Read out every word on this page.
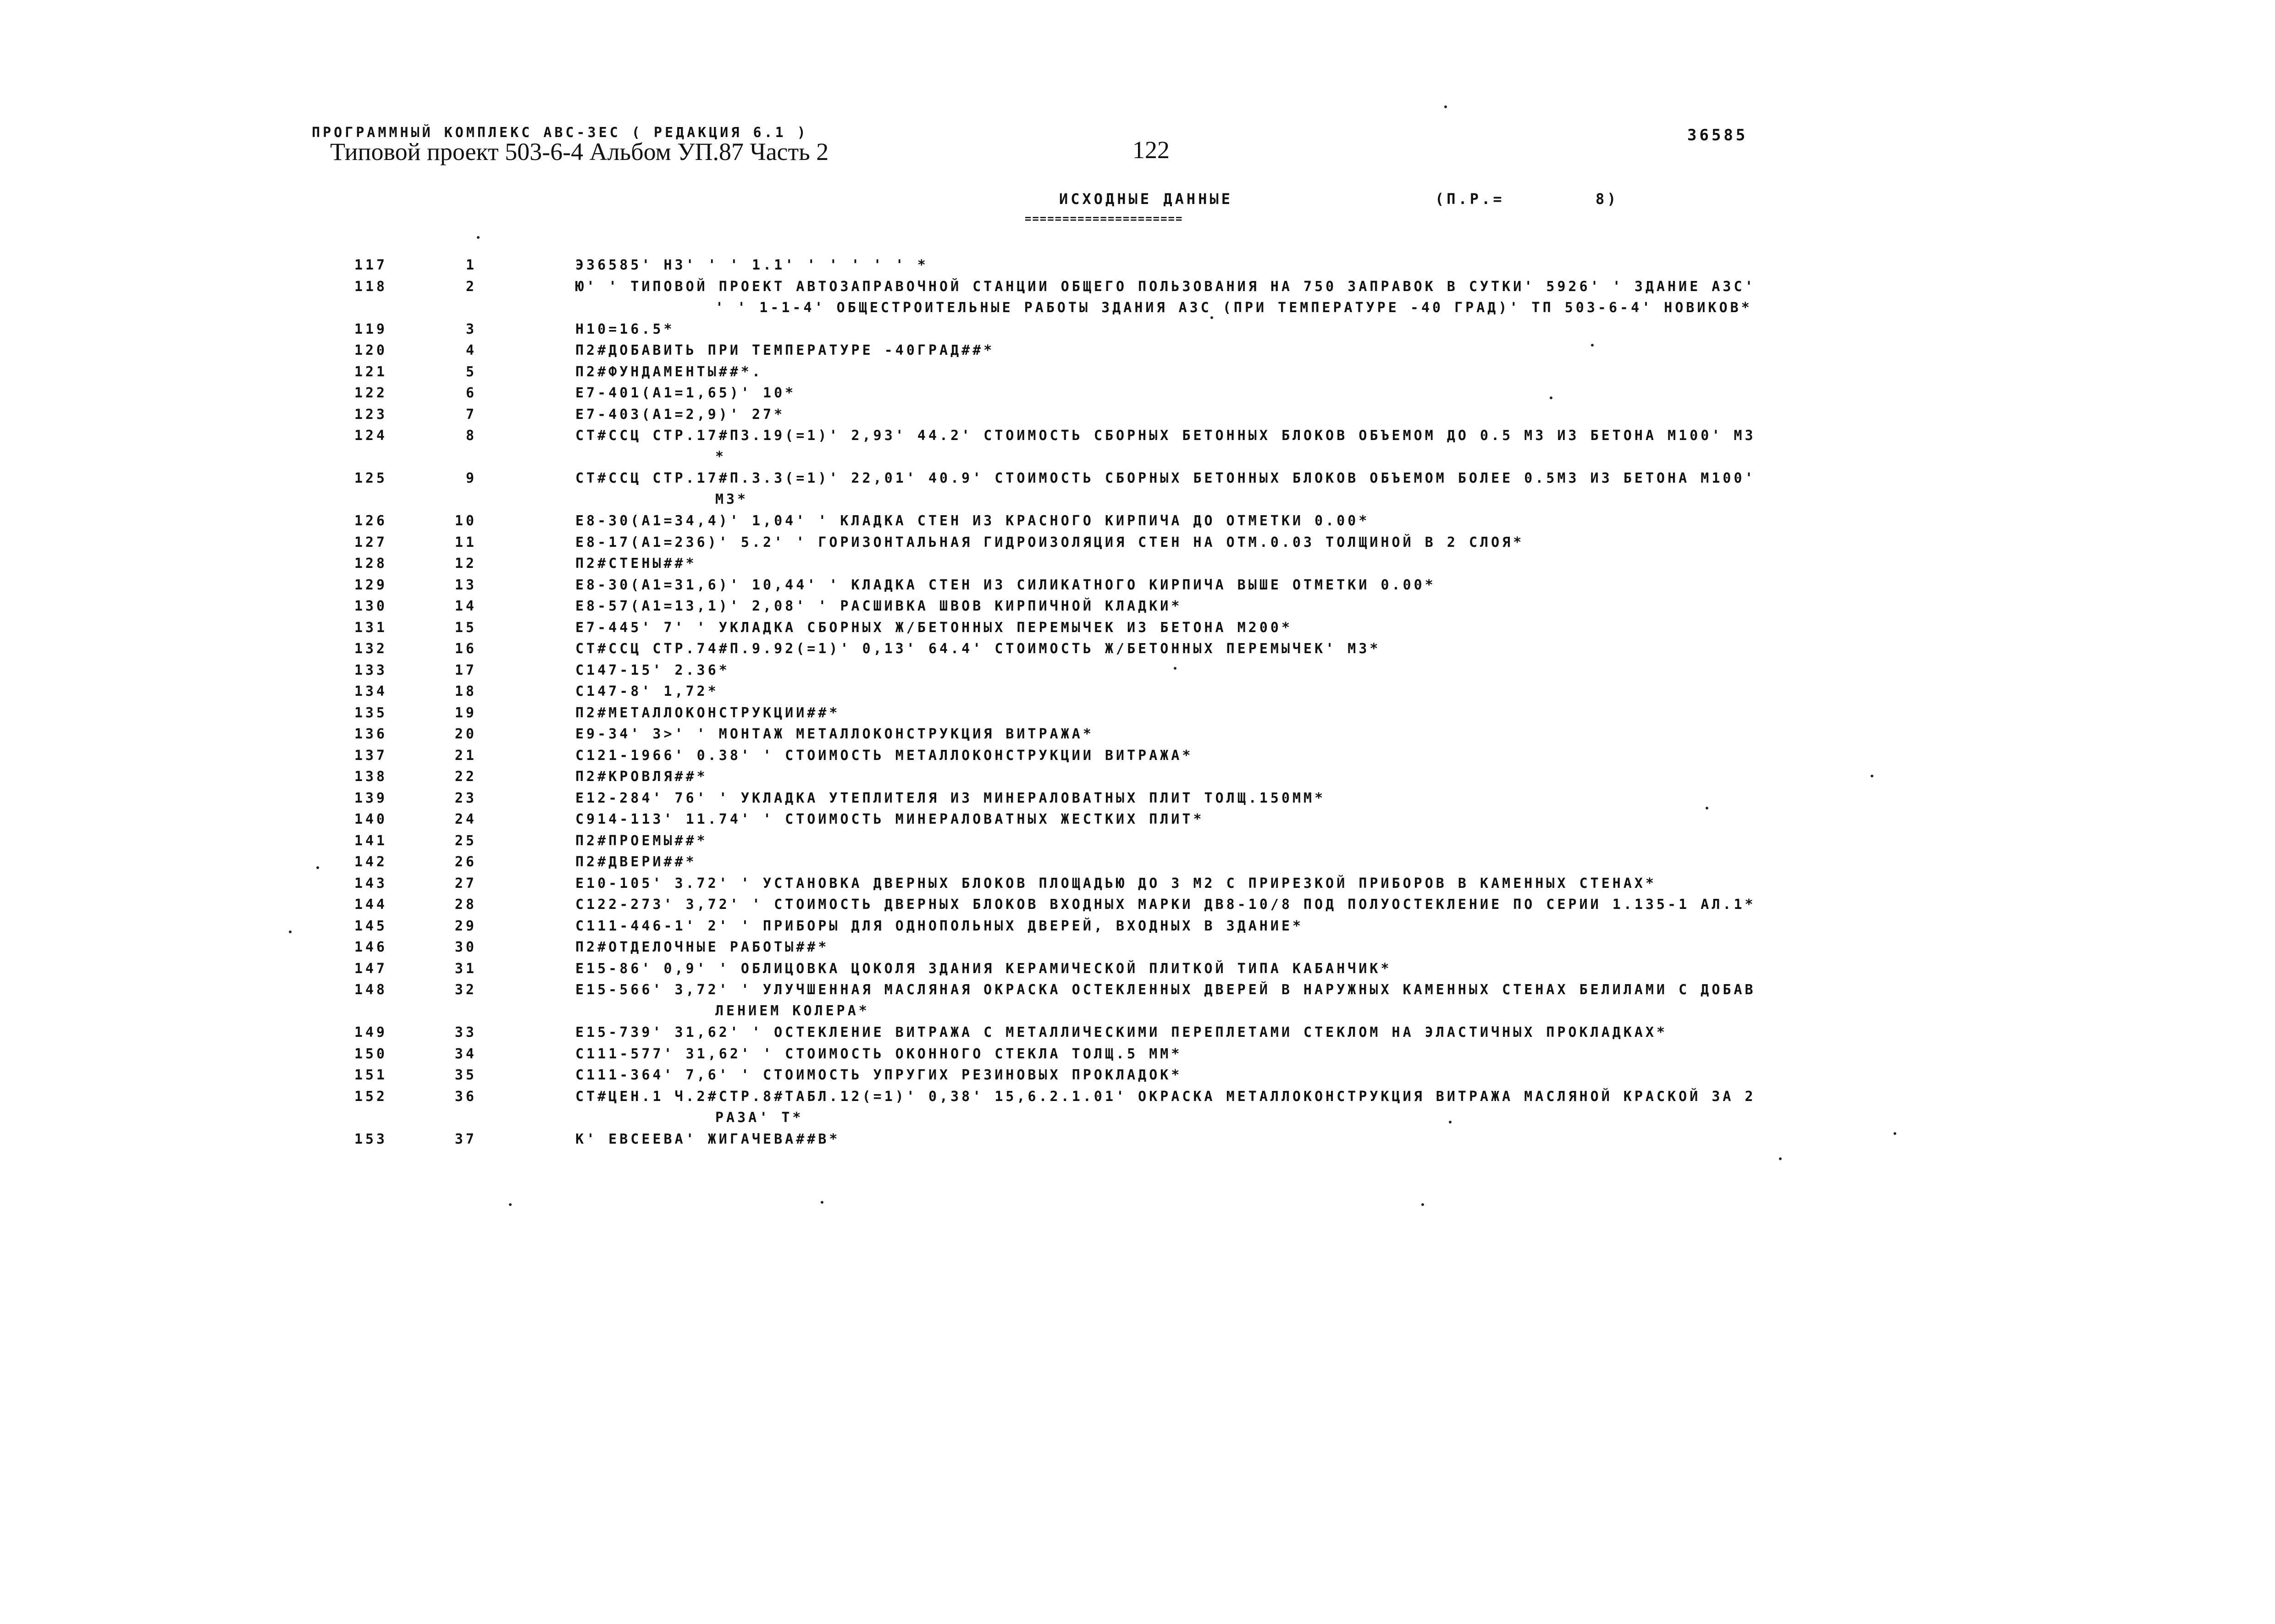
ПРОГРАММНЫЙ КОМПЛЕКС АВС-ЗЕС ( РЕДАКЦИЯ 6.1 )
Типовой проект 503-6-4 Альбом УП.87 Часть 2	122
36585
ИСХОДНЫЕ ДАННЫЕ
=====================
(П.Р.=	8)
117	1	Э36585' НЗ' ' ' 1.1' ' ' ' ' ' *
118	2	Ю' ' ТИПОВОЙ ПРОЕКТ АВТОЗАПРАВОЧНОЙ СТАНЦИИ ОБЩЕГО ПОЛЬЗОВАНИЯ НА 750 ЗАПРАВОК В СУТКИ' 5926' ' ЗДАНИЕ АЗС'
' ' 1-1-4' ОБЩЕСТРОИТЕЛЬНЫЕ РАБОТЫ ЗДАНИЯ АЗС (ПРИ ТЕМПЕРАТУРЕ -40 ГРАД)' ТП 503-6-4' НОВИКОВ*
119	3	Н10=16.5*
120	4	П2#ДОБАВИТЬ ПРИ ТЕМПЕРАТУРЕ -40ГРАД##*
121	5	П2#ФУНДАМЕНТЫ##*.
122	6	Е7-401(А1=1,65)' 10*
123	7	Е7-403(А1=2,9)' 27*
124	8	СТ#ССЦ СТР.17#П3.19(=1)' 2,93' 44.2' СТОИМОСТЬ СБОРНЫХ БЕТОННЫХ БЛОКОВ ОБЪЕМОМ ДО 0.5 М3 ИЗ БЕТОНА М100' М3
*
125	9	СТ#ССЦ СТР.17#П.3.3(=1)' 22,01' 40.9' СТОИМОСТЬ СБОРНЫХ БЕТОННЫХ БЛОКОВ ОБЪЕМОМ БОЛЕЕ 0.5М3 ИЗ БЕТОНА М100'
М3*
126	10	Е8-30(А1=34,4)' 1,04' ' КЛАДКА СТЕН ИЗ КРАСНОГО КИРПИЧА ДО ОТМЕТКИ 0.00*
127	11	Е8-17(А1=236)' 5.2' ' ГОРИЗОНТАЛЬНАЯ ГИДРОИЗОЛЯЦИЯ СТЕН НА ОТМ.0.03 ТОЛЩИНОЙ В 2 СЛОЯ*
128	12	П2#СТЕНЫ##*
129	13	Е8-30(А1=31,6)' 10,44' ' КЛАДКА СТЕН ИЗ СИЛИКАТНОГО КИРПИЧА ВЫШЕ ОТМЕТКИ 0.00*
130	14	Е8-57(А1=13,1)' 2,08' ' РАСШИВКА ШВОВ КИРПИЧНОЙ КЛАДКИ*
131	15	Е7-445' 7' ' УКЛАДКА СБОРНЫХ Ж/БЕТОННЫХ ПЕРЕМЫЧЕК ИЗ БЕТОНА М200*
132	16	СТ#ССЦ СТР.74#П.9.92(=1)' 0,13' 64.4' СТОИМОСТЬ Ж/БЕТОННЫХ ПЕРЕМЫЧЕК' М3*
133	17	С147-15' 2.36*
134	18	С147-8' 1,72*
135	19	П2#МЕТАЛЛОКОНСТРУКЦИИ##*
136	20	Е9-34' 3>' ' МОНТАЖ МЕТАЛЛОКОНСТРУКЦИЯ ВИТРАЖА*
137	21	С121-1966' 0.38' ' СТОИМОСТЬ МЕТАЛЛОКОНСТРУКЦИИ ВИТРАЖА*
138	22	П2#КРОВЛЯ##*
139	23	Е12-284' 76' ' УКЛАДКА УТЕПЛИТЕЛЯ ИЗ МИНЕРАЛОВАТНЫХ ПЛИТ ТОЛЩ.150ММ*
140	24	С914-113' 11.74' ' СТОИМОСТЬ МИНЕРАЛОВАТНЫХ ЖЕСТКИХ ПЛИТ*
141	25	П2#ПРОЕМЫ##*
142	26	П2#ДВЕРИ##*
143	27	Е10-105' 3.72' ' УСТАНОВКА ДВЕРНЫХ БЛОКОВ ПЛОЩАДЬЮ ДО 3 М2 С ПРИРЕЗКОЙ ПРИБОРОВ В КАМЕННЫХ СТЕНАХ*
144	28	С122-273' 3,72' ' СТОИМОСТЬ ДВЕРНЫХ БЛОКОВ ВХОДНЫХ МАРКИ ДВ8-10/8 ПОД ПОЛУОСТЕКЛЕНИЕ ПО СЕРИИ 1.135-1 АЛ.1*
145	29	С111-446-1' 2' ' ПРИБОРЫ ДЛЯ ОДНОПОЛЬНЫХ ДВЕРЕЙ, ВХОДНЫХ В ЗДАНИЕ*
146	30	П2#ОТДЕЛОЧНЫЕ РАБОТЫ##*
147	31	Е15-86' 0,9' ' ОБЛИЦОВКА ЦОКОЛЯ ЗДАНИЯ КЕРАМИЧЕСКОЙ ПЛИТКОЙ ТИПА КАБАНЧИК*
148	32	Е15-566' 3,72' ' УЛУЧШЕННАЯ МАСЛЯНАЯ ОКРАСКА ОСТЕКЛЕННЫХ ДВЕРЕЙ В НАРУЖНЫХ КАМЕННЫХ СТЕНАХ БЕЛИЛАМИ С ДОБАВ
ЛЕНИЕМ КОЛЕРА*
149	33	Е15-739' 31,62' ' ОСТЕКЛЕНИЕ ВИТРАЖА С МЕТАЛЛИЧЕСКИМИ ПЕРЕПЛЕТАМИ СТЕКЛОМ НА ЭЛАСТИЧНЫХ ПРОКЛАДКАХ*
150	34	С111-577' 31,62' ' СТОИМОСТЬ ОКОННОГО СТЕКЛА ТОЛЩ.5 ММ*
151	35	С111-364' 7,6' ' СТОИМОСТЬ УПРУГИХ РЕЗИНОВЫХ ПРОКЛАДОК*
152	36	СТ#ЦЕН.1 Ч.2#СТР.8#ТАБЛ.12(=1)' 0,38' 15,6.2.1.01' ОКРАСКА МЕТАЛЛОКОНСТРУКЦИЯ ВИТРАЖА МАСЛЯНОЙ КРАСКОЙ ЗА 2
РАЗА' Т*
153	37	К' ЕВСЕЕВА' ЖИГАЧЕВА##В*
